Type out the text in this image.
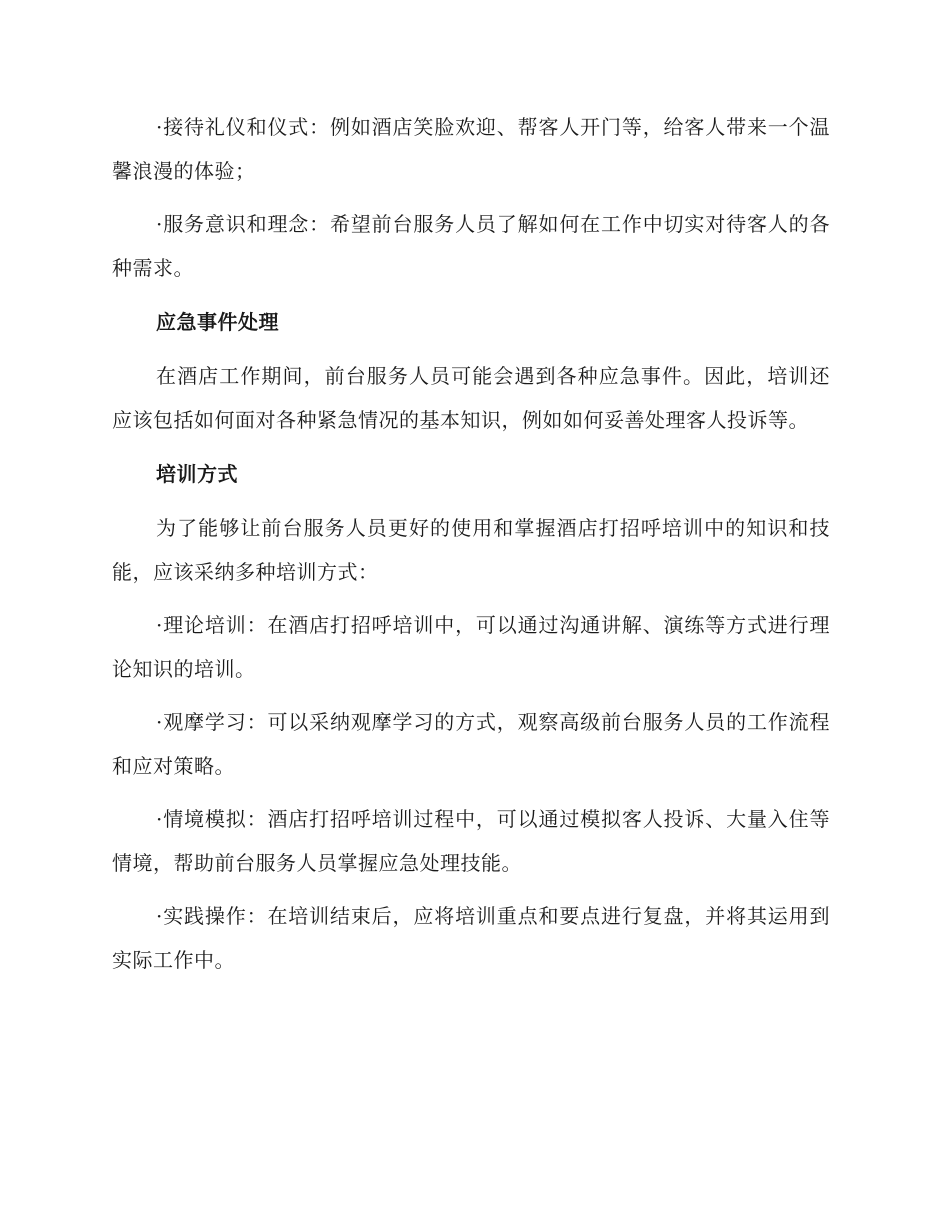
·接待礼仪和仪式：例如酒店笑脸欢迎、帮客人开门等，给客人带来一个温馨浪漫的体验；

·服务意识和理念：希望前台服务人员了解如何在工作中切实对待客人的各种需求。

应急事件处理

在酒店工作期间，前台服务人员可能会遇到各种应急事件。因此，培训还应该包括如何面对各种紧急情况的基本知识，例如如何妥善处理客人投诉等。

培训方式

为了能够让前台服务人员更好的使用和掌握酒店打招呼培训中的知识和技能，应该采纳多种培训方式：

·理论培训：在酒店打招呼培训中，可以通过沟通讲解、演练等方式进行理论知识的培训。

·观摩学习：可以采纳观摩学习的方式，观察高级前台服务人员的工作流程和应对策略。

·情境模拟：酒店打招呼培训过程中，可以通过模拟客人投诉、大量入住等情境，帮助前台服务人员掌握应急处理技能。

·实践操作：在培训结束后，应将培训重点和要点进行复盘，并将其运用到实际工作中。
